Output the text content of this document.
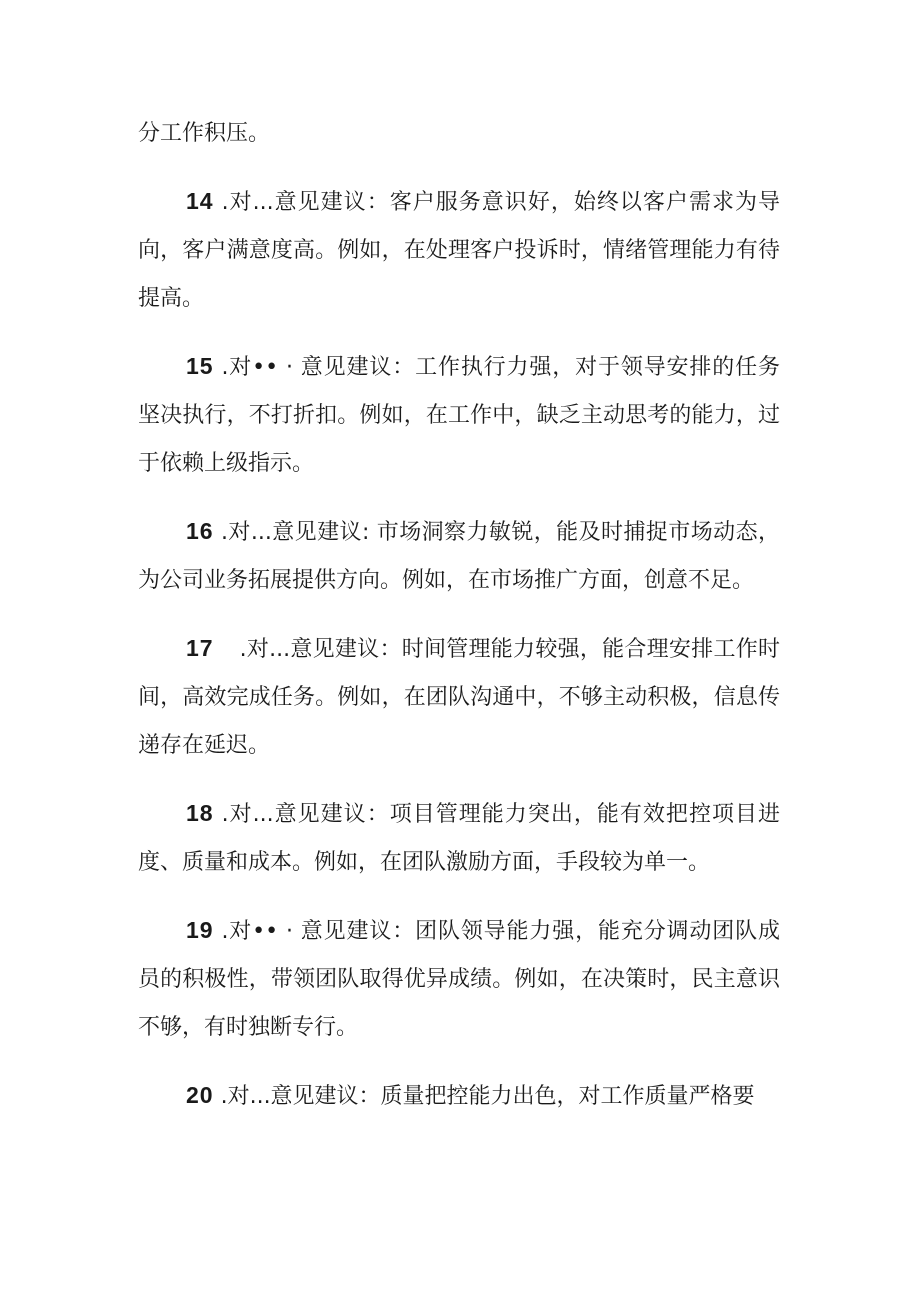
分工作积压。

14 .对...意见建议：客户服务意识好，始终以客户需求为导向，客户满意度高。例如，在处理客户投诉时，情绪管理能力有待提高。

15 .对•• · 意见建议：工作执行力强，对于领导安排的任务坚决执行，不打折扣。例如，在工作中，缺乏主动思考的能力，过于依赖上级指示。

16 .对...意见建议: 市场洞察力敏锐，能及时捕捉市场动态，为公司业务拓展提供方向。例如，在市场推广方面，创意不足。

17 .对...意见建议：时间管理能力较强，能合理安排工作时间，高效完成任务。例如，在团队沟通中，不够主动积极，信息传递存在延迟。

18 .对...意见建议：项目管理能力突出，能有效把控项目进度、质量和成本。例如，在团队激励方面，手段较为单一。

19 .对•• · 意见建议：团队领导能力强，能充分调动团队成员的积极性，带领团队取得优异成绩。例如，在决策时，民主意识不够，有时独断专行。

20 .对...意见建议：质量把控能力出色，对工作质量严格要
